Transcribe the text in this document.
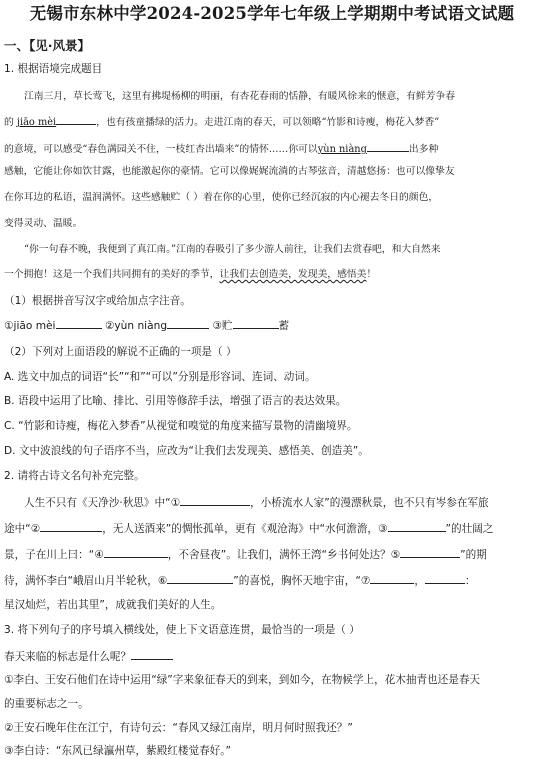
无锡市东林中学2024-2025学年七年级上学期期中考试语文试题
一、【见·风景】
1. 根据语境完成题目
江南三月，草长莺飞，这里有拂堤杨柳的明丽，有杏花春雨的恬静，有暖风徐来的惬意，有鲜芳争春
的 jiāo mèi	，也有孩童播绿的活力。走进江南的春天，可以领略“竹影和诗瘦，梅花入梦香”
的意境，可以感受“春色满园关不住，一枝红杏出墙来”的情怀……你可以yùn niàng	出多种
感触，它能让你如饮甘露，也能激起你的豪情。它可以像娓娓流淌的古琴弦音，清越悠扬：也可以像挚友
在你耳边的私语，温润满怀。这些感触贮（ ）着在你的心里，使你已经沉寂的内心褪去冬日的颜色，
变得灵动、温暖。
“你一句春不晚，我便到了真江南。”江南的春吸引了多少游人前往，让我们去赏春吧，和大自然来
一个拥抱！这是一个我们共同拥有的美好的季节，让我们去创造美，发现美，感悟美！
（1）根据拼音写汉字或给加点字注音。
①jiāo mèi	②yùn niàng	③贮	蓄
（2）下列对上面语段的解说不正确的一项是（ ）
A. 选文中加点的词语“长”“和”“可以”分别是形容词、连词、动词。
B. 语段中运用了比喻、排比、引用等修辞手法，增强了语言的表达效果。
C. “竹影和诗瘦，梅花入梦香”从视觉和嗅觉的角度来描写景物的清幽境界。
D. 文中波浪线的句子语序不当，应改为“让我们去发现美、感悟美、创造美”。
2. 请将古诗文名句补充完整。
人生不只有《天净沙·秋思》中“①	，小桥流水人家”的漫漂秋景，也不只有岑参在军旅
途中“②	，无人送酒来”的惆怅孤单，更有《观沧海》中“水何澹澹，③	”的壮阔之
景，子在川上曰：“④	，不舍昼夜”。让我们，满怀王湾“乡书何处达？⑤	”的期
待，满怀李白“峨眉山月半轮秋，⑥	”的喜悦，胸怀天地宇宙，“⑦	，	：
星汉灿烂，若出其里”，成就我们美好的人生。
3. 将下列句子的序号填入横线处，使上下文语意连贯，最恰当的一项是（ ）
春天来临的标志是什么呢？
①李白、王安石他们在诗中运用“绿”字来象征春天的到来，到如今，在物候学上，花木抽青也还是春天
的重要标志之一。
②王安石晚年住在江宁，有诗句云：“春风又绿江南岸，明月何时照我还？”
③李白诗：“东风已绿瀛州草，紫殿红楼觉春好。”
